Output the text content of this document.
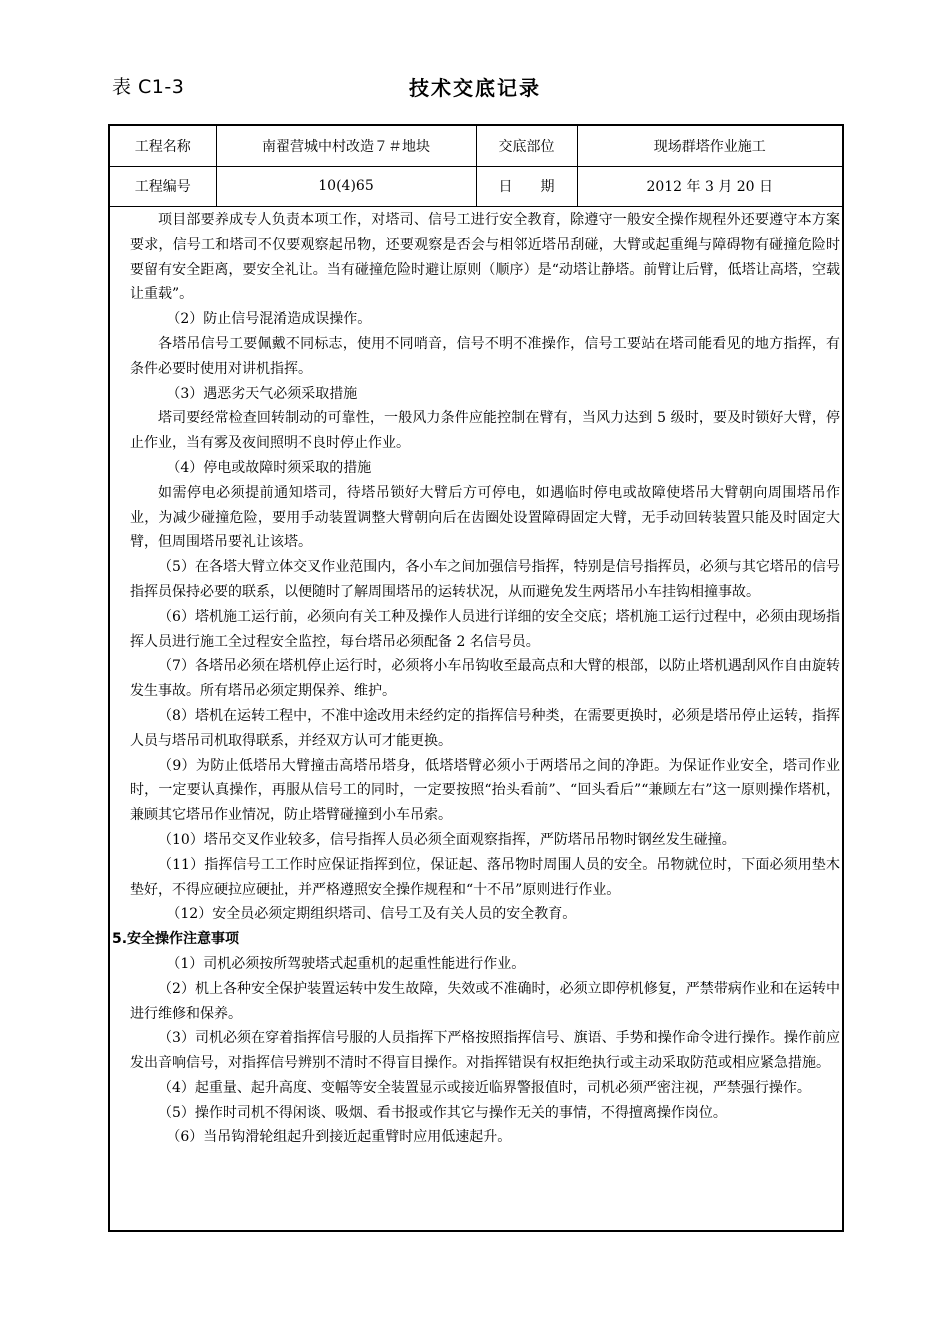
表 C1-3	技术交底记录
工程名称	南翟营城中村改造７＃地块	交底部位	现场群塔作业施工
工程编号	10(4)65	日　　期	2012 年 3 月 20 日

项目部要养成专人负责本项工作，对塔司、信号工进行安全教育，除遵守一般安全操作规程外还要遵守本方案要求，信号工和塔司不仅要观察起吊物，还要观察是否会与相邻近塔吊刮碰，大臂或起重绳与障碍物有碰撞危险时要留有安全距离，要安全礼让。当有碰撞危险时避让原则（顺序）是“动塔让静塔。前臂让后臂，低塔让高塔，空载让重载”。

（2）防止信号混淆造成误操作。

各塔吊信号工要佩戴不同标志，使用不同哨音，信号不明不准操作，信号工要站在塔司能看见的地方指挥，有条件必要时使用对讲机指挥。

（3）遇恶劣天气必须采取措施

塔司要经常检查回转制动的可靠性，一般风力条件应能控制在臂有，当风力达到 5 级时，要及时锁好大臂，停止作业，当有雾及夜间照明不良时停止作业。

（4）停电或故障时须采取的措施

如需停电必须提前通知塔司，待塔吊锁好大臂后方可停电，如遇临时停电或故障使塔吊大臂朝向周围塔吊作业，为减少碰撞危险，要用手动装置调整大臂朝向后在齿圈处设置障碍固定大臂，无手动回转装置只能及时固定大臂，但周围塔吊要礼让该塔。

（5）在各塔大臂立体交叉作业范围内，各小车之间加强信号指挥，特别是信号指挥员，必须与其它塔吊的信号指挥员保持必要的联系，以便随时了解周围塔吊的运转状况，从而避免发生两塔吊小车挂钩相撞事故。

（6）塔机施工运行前，必须向有关工种及操作人员进行详细的安全交底；塔机施工运行过程中，必须由现场指挥人员进行施工全过程安全监控，每台塔吊必须配备 2 名信号员。

（7）各塔吊必须在塔机停止运行时，必须将小车吊钩收至最高点和大臂的根部，以防止塔机遇刮风作自由旋转发生事故。所有塔吊必须定期保养、维护。

（8）塔机在运转工程中，不准中途改用未经约定的指挥信号种类，在需要更换时，必须是塔吊停止运转，指挥人员与塔吊司机取得联系，并经双方认可才能更换。

（9）为防止低塔吊大臂撞击高塔吊塔身，低塔塔臂必须小于两塔吊之间的净距。为保证作业安全，塔司作业时，一定要认真操作，再服从信号工的同时，一定要按照“抬头看前”、“回头看后”“兼顾左右”这一原则操作塔机，兼顾其它塔吊作业情况，防止塔臂碰撞到小车吊索。

（10）塔吊交叉作业较多，信号指挥人员必须全面观察指挥，严防塔吊吊物时钢丝发生碰撞。

（11）指挥信号工工作时应保证指挥到位，保证起、落吊物时周围人员的安全。吊物就位时，下面必须用垫木垫好，不得应硬拉应硬扯，并严格遵照安全操作规程和“十不吊”原则进行作业。

（12）安全员必须定期组织塔司、信号工及有关人员的安全教育。

5.安全操作注意事项

（1）司机必须按所驾驶塔式起重机的起重性能进行作业。

（2）机上各种安全保护装置运转中发生故障，失效或不准确时，必须立即停机修复，严禁带病作业和在运转中进行维修和保养。

（3）司机必须在穿着指挥信号服的人员指挥下严格按照指挥信号、旗语、手势和操作命令进行操作。操作前应发出音响信号，对指挥信号辨别不清时不得盲目操作。对指挥错误有权拒绝执行或主动采取防范或相应紧急措施。

（4）起重量、起升高度、变幅等安全装置显示或接近临界警报值时，司机必须严密注视，严禁强行操作。

（5）操作时司机不得闲谈、吸烟、看书报或作其它与操作无关的事情，不得擅离操作岗位。

（6）当吊钩滑轮组起升到接近起重臂时应用低速起升。
